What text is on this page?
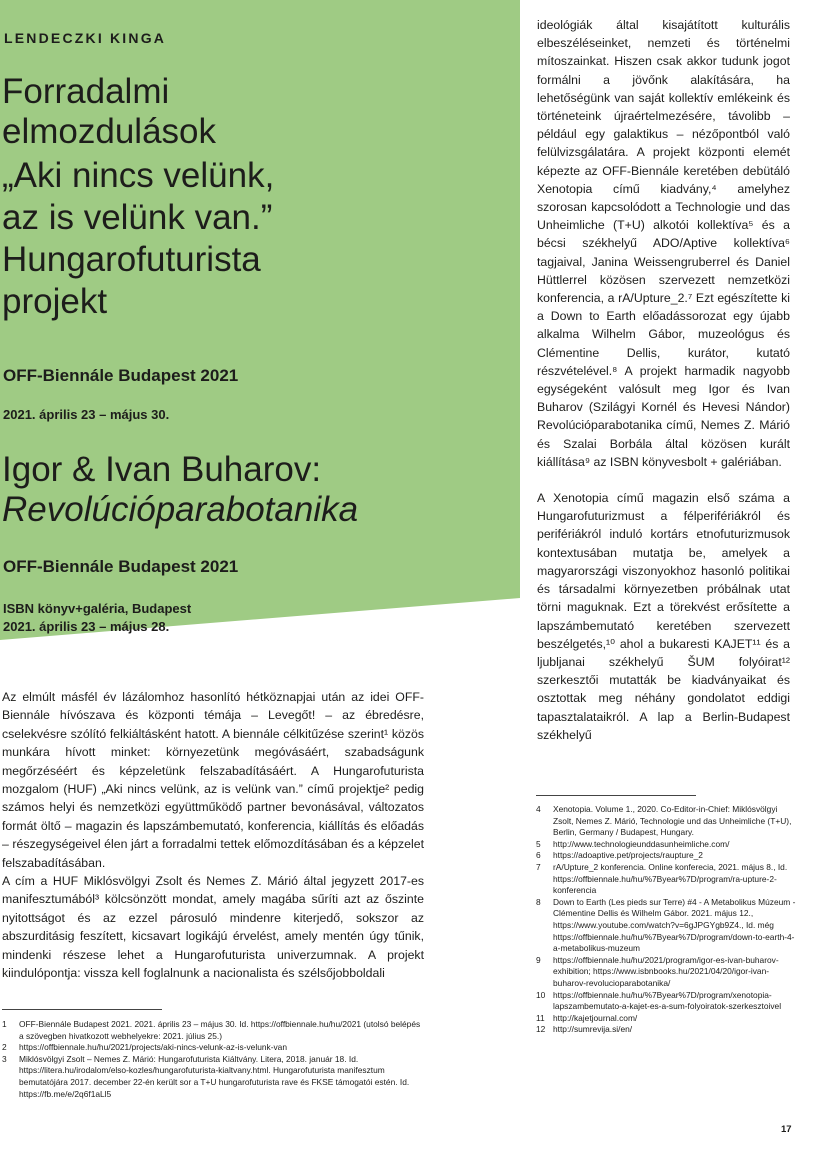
LENDECZKI KINGA
Forradalmi
elmozdulások
„Aki nincs velünk,
az is velünk van.”
Hungarofuturista
projekt
OFF-Biennále Budapest 2021
2021. április 23 – május 30.
Igor & Ivan Buharov:
Revolúcióparabotanika
OFF-Biennále Budapest 2021
ISBN könyv+galéria, Budapest
2021. április 23 – május 28.

Az elmúlt másfél év lázálomhoz hasonlító hétköznapjai után az idei OFF-Biennále hívószava és központi témája – Levegőt! – az ébredésre, cselekvésre szólító felkiáltásként hatott. A biennále célkitűzése szerint¹ közös munkára hívott minket: környezetünk megóvásáért, szabadságunk megőrzéséért és képzeletünk felszabadításáért. A Hungarofuturista mozgalom (HUF) „Aki nincs velünk, az is velünk van.” című projektje² pedig számos helyi és nemzetközi együttműködő partner bevonásával, változatos formát öltő – magazin és lapszámbemutató, konferencia, kiállítás és előadás – részegységeivel élen járt a forradalmi tettek előmozdításában és a képzelet felszabadításában.

A cím a HUF Miklósvölgyi Zsolt és Nemes Z. Márió által jegyzett 2017-es manifesztumából³ kölcsönzött mondat, amely magába sűríti azt az őszinte nyitottságot és az ezzel párosuló mindenre kiterjedő, sokszor az abszurditásig feszített, kicsavart logikájú érvelést, amely mentén úgy tűnik, mindenki részese lehet a Hungarofuturista univerzumnak. A projekt kiindulópontja: vissza kell foglalnunk a nacionalista és szélsőjobboldali

1	OFF-Biennále Budapest 2021. 2021. április 23 – május 30. Id. https://offbiennale.hu/hu/2021 (utolsó belépés a szövegben hivatkozott webhelyekre: 2021. július 25.)
2	https://offbiennale.hu/hu/2021/projects/aki-nincs-velunk-az-is-velunk-van
3	Miklósvölgyi Zsolt – Nemes Z. Márió: Hungarofuturista Kiáltvány. Litera, 2018. január 18. Id. https://litera.hu/irodalom/elso-kozles/hungarofuturista-kialtvany.html. Hungarofuturista manifesztum bemutatójára 2017. december 22-én került sor a T+U hungarofuturista rave és FKSE támogatói estén. Id. https://fb.me/e/2q6f1aLl5

ideológiák által kisajátított kulturális elbeszéléseinket, nemzeti és történelmi mítoszainkat. Hiszen csak akkor tudunk jogot formálni a jövőnk alakítására, ha lehetőségünk van saját kollektív emlékeink és történeteink újraértelmezésére, távolibb – például egy galaktikus – nézőpontból való felülvizsgálatára. A projekt központi elemét képezte az OFF-Biennále keretében debütáló Xenotopia című kiadvány,⁴ amelyhez szorosan kapcsolódott a Technologie und das Unheimliche (T+U) alkotói kollektíva⁵ és a bécsi székhelyű ADO/Aptive kollektíva⁶ tagjaival, Janina Weissengruberrel és Daniel Hüttlerrel közösen szervezett nemzetközi konferencia, a rA/Upture_2.⁷ Ezt egészítette ki a Down to Earth előadássorozat egy újabb alkalma Wilhelm Gábor, muzeológus és Clémentine Dellis, kurátor, kutató részvételével.⁸ A projekt harmadik nagyobb egységeként valósult meg Igor és Ivan Buharov (Szilágyi Kornél és Hevesi Nándor) Revolúcióparabotanika című, Nemes Z. Márió és Szalai Borbála által közösen kurált kiállítása⁹ az ISBN könyvesbolt + galériában.

A Xenotopia című magazin első száma a Hungarofuturizmust a félperifériákról és perifériákról induló kortárs etnofuturizmusok kontextusában mutatja be, amelyek a magyarországi viszonyokhoz hasonló politikai és társadalmi környezetben próbálnak utat törni maguknak. Ezt a törekvést erősítette a lapszámbemutató keretében szervezett beszélgetés,¹⁰ ahol a bukaresti KAJET¹¹ és a ljubljanai székhelyű ŠUM folyóirat¹² szerkesztői mutatták be kiadványaikat és osztottak meg néhány gondolatot eddigi tapasztalataikról. A lap a Berlin-Budapest székhelyű

4	Xenotopia. Volume 1., 2020. Co-Editor-in-Chief: Miklósvölgyi Zsolt, Nemes Z. Márió, Technologie und das Unheimliche (T+U), Berlin, Germany / Budapest, Hungary.
5	http://www.technologieunddasunheimliche.com/
6	https://adoaptive.pet/projects/raupture_2
7	rA/Upture_2 konferencia. Online konferecia, 2021. május 8., Id. https://offbiennale.hu/hu/%7Byear%7D/program/ra-upture-2-konferencia
8	Down to Earth (Les pieds sur Terre) #4 - A Metabolikus Múzeum - Clémentine Dellis és Wilhelm Gábor. 2021. május 12., https://www.youtube.com/watch?v=6gJPGYgb9Z4., Id. még https://offbiennale.hu/hu/%7Byear%7D/program/down-to-earth-4-a-metabolikus-muzeum
9	https://offbiennale.hu/hu/2021/program/igor-es-ivan-buharov-exhibition; https://www.isbnbooks.hu/2021/04/20/igor-ivan-buharov-revolucioparabotanika/
10 https://offbiennale.hu/hu/%7Byear%7D/program/xenotopia-lapszambemutato-a-kajet-es-a-sum-folyoiratok-szerkesztoivel
11 http://kajetjournal.com/
12 http://sumrevija.si/en/
17
